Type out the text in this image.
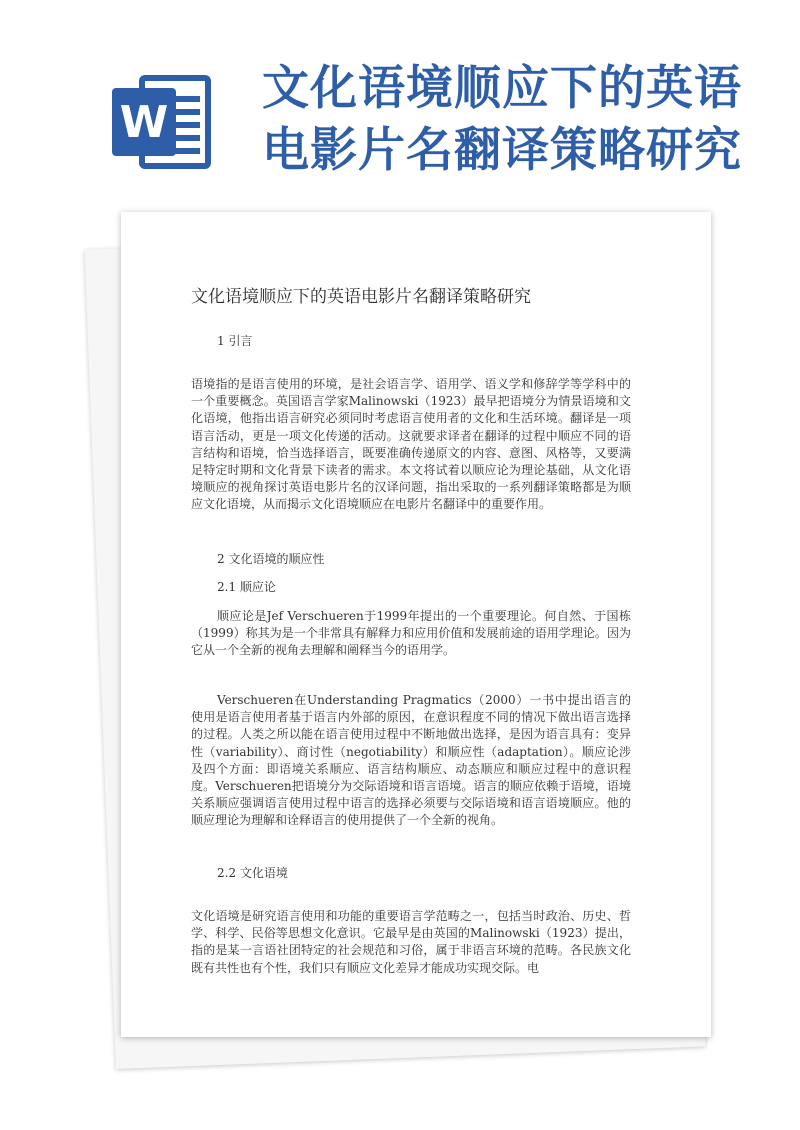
W
文化语境顺应下的英语
电影片名翻译策略研究
文化语境顺应下的英语电影片名翻译策略研究
1 引言
语境指的是语言使用的环境，是社会语言学、语用学、语义学和修辞学等学科中的一个重要概念。英国语言学家Malinowski（1923）最早把语境分为情景语境和文化语境，他指出语言研究必须同时考虑语言使用者的文化和生活环境。翻译是一项语言活动，更是一项文化传递的活动。这就要求译者在翻译的过程中顺应不同的语言结构和语境，恰当选择语言，既要准确传递原文的内容、意图、风格等，又要满足特定时期和文化背景下读者的需求。本文将试着以顺应论为理论基础，从文化语境顺应的视角探讨英语电影片名的汉译问题，指出采取的一系列翻译策略都是为顺应文化语境，从而揭示文化语境顺应在电影片名翻译中的重要作用。
2 文化语境的顺应性
2.1 顺应论
顺应论是Jef Verschueren于1999年提出的一个重要理论。何自然、于国栋（1999）称其为是一个非常具有解释力和应用价值和发展前途的语用学理论。因为它从一个全新的视角去理解和阐释当今的语用学。
Verschueren在Understanding Pragmatics（2000）一书中提出语言的使用是语言使用者基于语言内外部的原因，在意识程度不同的情况下做出语言选择的过程。人类之所以能在语言使用过程中不断地做出选择，是因为语言具有：变异性（variability）、商讨性（negotiability）和顺应性（adaptation）。顺应论涉及四个方面：即语境关系顺应、语言结构顺应、动态顺应和顺应过程中的意识程度。Verschueren把语境分为交际语境和语言语境。语言的顺应依赖于语境，语境关系顺应强调语言使用过程中语言的选择必须要与交际语境和语言语境顺应。他的顺应理论为理解和诠释语言的使用提供了一个全新的视角。
2.2 文化语境
文化语境是研究语言使用和功能的重要语言学范畴之一，包括当时政治、历史、哲学、科学、民俗等思想文化意识。它最早是由英国的Malinowski（1923）提出，指的是某一言语社团特定的社会规范和习俗，属于非语言环境的范畴。各民族文化既有共性也有个性，我们只有顺应文化差异才能成功实现交际。电
